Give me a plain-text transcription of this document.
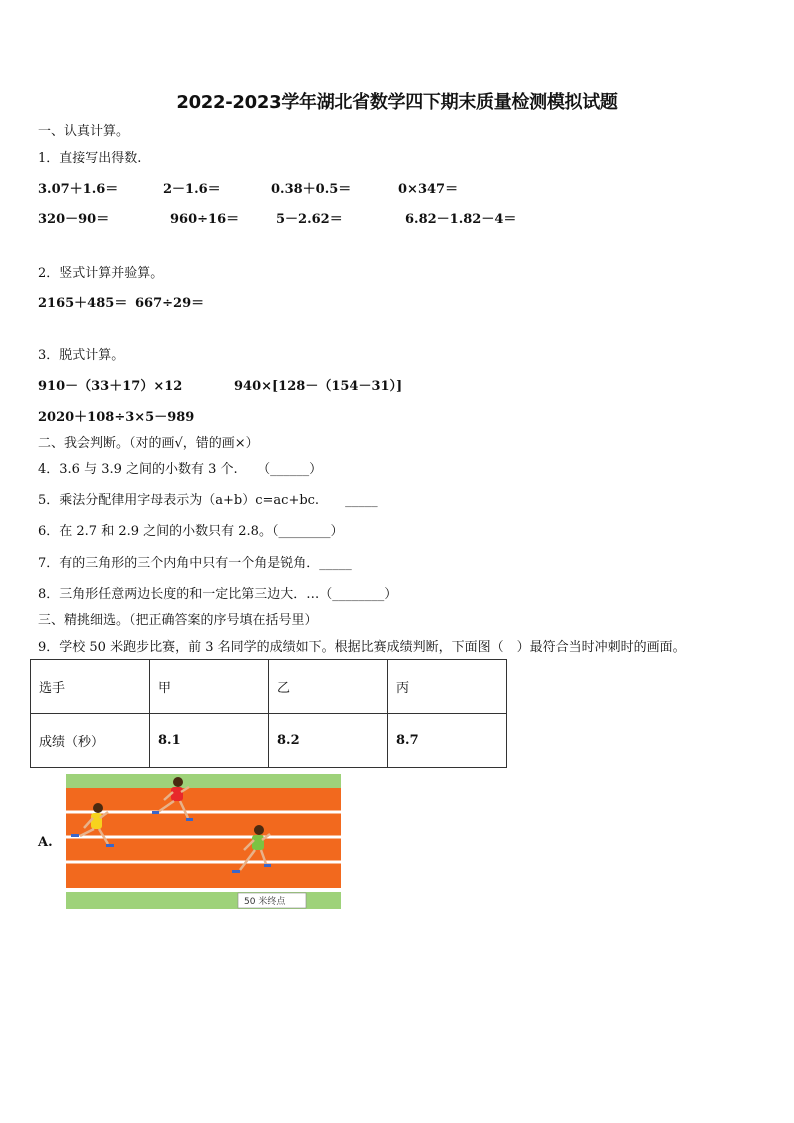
2022-2023学年湖北省数学四下期末质量检测模拟试题
一、认真计算。
1．直接写出得数.
3.07＋1.6＝	2－1.6＝	0.38＋0.5＝	0×347＝
320－90＝	960÷16＝	5－2.62＝	6.82－1.82－4＝
2．竖式计算并验算。
2165＋485＝ 667÷29＝
3．脱式计算。
910－（33＋17）×12	940×[128－（154－31）]
2020＋108÷3×5－989
二、我会判断。（对的画√，错的画×）
4．3.6 与 3.9 之间的小数有 3 个.　　（______）
5．乘法分配律用字母表示为（a+b）c=ac+bc.　　_____
6．在 2.7 和 2.9 之间的小数只有 2.8。（________）
7．有的三角形的三个内角中只有一个角是锐角．_____
8．三角形任意两边长度的和一定比第三边大．…（________）
三、精挑细选。（把正确答案的序号填在括号里）
9．学校 50 米跑步比赛，前 3 名同学的成绩如下。根据比赛成绩判断，下面图（　）最符合当时冲刺时的画面。
选手	甲	乙	丙
成绩（秒）	8.1	8.2	8.7
A.
50 米终点
